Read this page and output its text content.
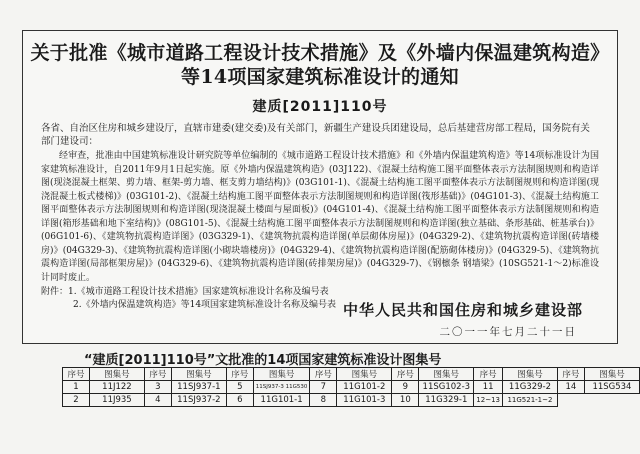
关于批准《城市道路工程设计技术措施》及《外墙内保温建筑构造》
等14项国家建筑标准设计的通知
建质[2011]110号
各省、自治区住房和城乡建设厅，直辖市建委(建交委)及有关部门，新疆生产建设兵团建设局，总后基建营房部工程局，国务院有关部门建设司：

经审查，批准由中国建筑标准设计研究院等单位编制的《城市道路工程设计技术措施》和《外墙内保温建筑构造》等14项标准设计为国家建筑标准设计，自2011年9月1日起实施。原《外墙内保温建筑构造》(03J122)、《混凝土结构施工图平面整体表示方法制图规则和构造详图(现浇混凝土框架、剪力墙、框架-剪力墙、框支剪力墙结构)》(03G101-1)、《混凝土结构施工图平面整体表示方法制图规则和构造详图(现浇混凝土板式楼梯)》(03G101-2)、《混凝土结构施工图平面整体表示方法制图规则和构造详图(筏形基础)》(04G101-3)、《混凝土结构施工图平面整体表示方法制图规则和构造详图(现浇混凝土楼面与屋面板)》(04G101-4)、《混凝土结构施工图平面整体表示方法制图规则和构造详图(箱形基础和地下室结构)》(08G101-5)、《混凝土结构施工图平面整体表示方法制图规则和构造详图(独立基础、条形基础、桩基承台)》(06G101-6)、《建筑物抗震构造详图》(03G329-1)、《建筑物抗震构造详图(单层砌体房屋)》(04G329-2)、《建筑物抗震构造详图(砖墙楼房)》(04G329-3)、《建筑物抗震构造详图(小砌块墙楼房)》(04G329-4)、《建筑物抗震构造详图(配筋砌体楼房)》(04G329-5)、《建筑物抗震构造详图(局部框架房屋)》(04G329-6)、《建筑物抗震构造详图(砖排架房屋)》(04G329-7)、《钢檩条 钢墙梁》(10SG521-1～2)标准设计同时废止。

附件：1.《城市道路工程设计技术措施》国家建筑标准设计名称及编号表
2.《外墙内保温建筑构造》等14项国家建筑标准设计名称及编号表 中华人民共和国住房和城乡建设部
二〇一一年七月二十一日
“建质[2011]110号”文批准的14项国家建筑标准设计图集号
序号	图集号	序号	图集号	序号	图集号	序号	图集号	序号	图集号	序号	图集号	序号	图集号
1	11J122	3	11SJ937-1	5	11SJ937-3 11G530	7	11G101-2	9	11SG102-3	11	11G329-2	14	11SG534
2	11J935	4	11SJ937-2	6	11G101-1	8	11G101-3	10	11G329-1	12~13	11G521-1~2		
